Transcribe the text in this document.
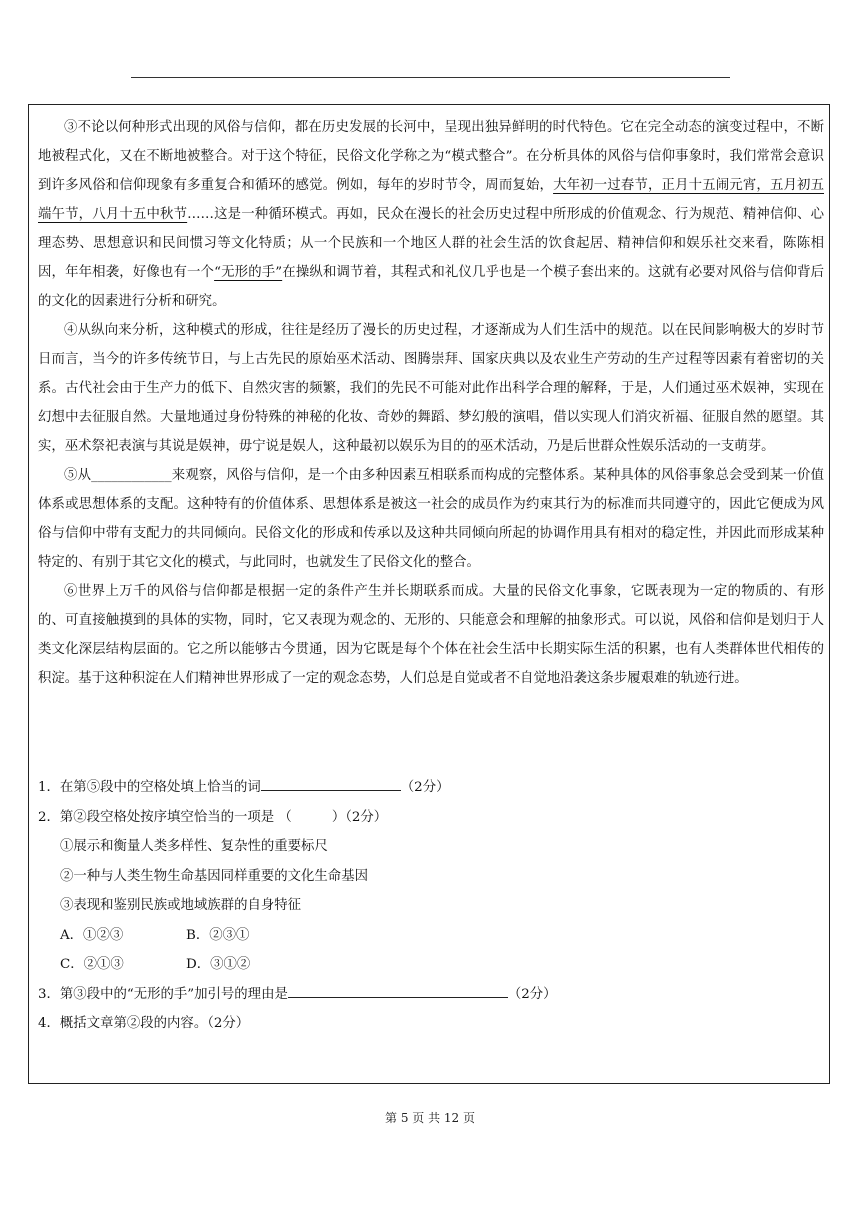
③不论以何种形式出现的风俗与信仰，都在历史发展的长河中，呈现出独异鲜明的时代特色。它在完全动态的演变过程中，不断地被程式化，又在不断地被整合。对于这个特征，民俗文化学称之为“模式整合”。在分析具体的风俗与信仰事象时，我们常常会意识到许多风俗和信仰现象有多重复合和循环的感觉。例如，每年的岁时节令，周而复始，大年初一过春节，正月十五闹元宵，五月初五端午节，八月十五中秋节……这是一种循环模式。再如，民众在漫长的社会历史过程中所形成的价值观念、行为规范、精神信仰、心理态势、思想意识和民间惯习等文化特质；从一个民族和一个地区人群的社会生活的饮食起居、精神信仰和娱乐社交来看，陈陈相因，年年相袭，好像也有一个“无形的手”在操纵和调节着，其程式和礼仪几乎也是一个模子套出来的。这就有必要对风俗与信仰背后的文化的因素进行分析和研究。

④从纵向来分析，这种模式的形成，往往是经历了漫长的历史过程，才逐渐成为人们生活中的规范。以在民间影响极大的岁时节日而言，当今的许多传统节日，与上古先民的原始巫术活动、图腾崇拜、国家庆典以及农业生产劳动的生产过程等因素有着密切的关系。古代社会由于生产力的低下、自然灾害的频繁，我们的先民不可能对此作出科学合理的解释，于是，人们通过巫术娱神，实现在幻想中去征服自然。大量地通过身份特殊的神秘的化妆、奇妙的舞蹈、梦幻般的演唱，借以实现人们消灾祈福、征服自然的愿望。其实，巫术祭祀表演与其说是娱神，毋宁说是娱人，这种最初以娱乐为目的的巫术活动，乃是后世群众性娱乐活动的一支萌芽。

⑤从____________来观察，风俗与信仰，是一个由多种因素互相联系而构成的完整体系。某种具体的风俗事象总会受到某一价值体系或思想体系的支配。这种特有的价值体系、思想体系是被这一社会的成员作为约束其行为的标准而共同遵守的，因此它便成为风俗与信仰中带有支配力的共同倾向。民俗文化的形成和传承以及这种共同倾向所起的协调作用具有相对的稳定性，并因此而形成某种特定的、有别于其它文化的模式，与此同时，也就发生了民俗文化的整合。

⑥世界上万千的风俗与信仰都是根据一定的条件产生并长期联系而成。大量的民俗文化事象，它既表现为一定的物质的、有形的、可直接触摸到的具体的实物，同时，它又表现为观念的、无形的、只能意会和理解的抽象形式。可以说，风俗和信仰是划归于人类文化深层结构层面的。它之所以能够古今贯通，因为它既是每个个体在社会生活中长期实际生活的积累，也有人类群体世代相传的积淀。基于这种积淀在人们精神世界形成了一定的观念态势，人们总是自觉或者不自觉地沿袭这条步履艰难的轨迹行进。

1．在第⑤段中的空格处填上恰当的词	（2分）
2．第②段空格处按序填空恰当的一项是 （	）（2分）
①展示和衡量人类多样性、复杂性的重要标尺
②一种与人类生物生命基因同样重要的文化生命基因
③表现和鉴别民族或地域族群的自身特征
A．①②③	B．②③①
C．②①③	D．③①②
3．第③段中的“无形的手”加引号的理由是	（2分）
4．概括文章第②段的内容。（2分）
第 5 页 共 12 页
